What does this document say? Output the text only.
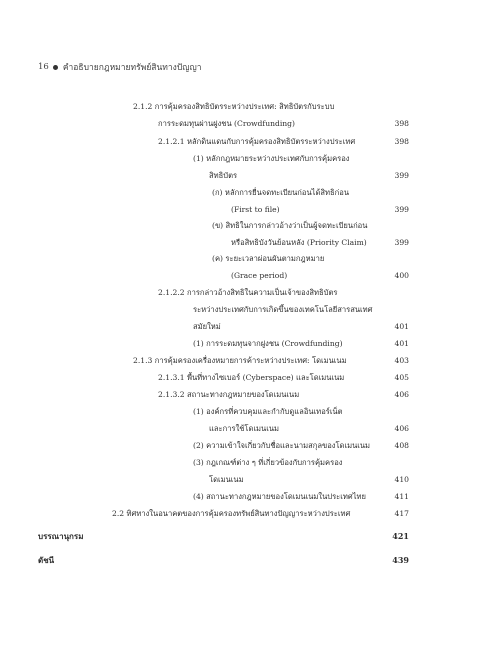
16 คำอธิบายกฎหมายทรัพย์สินทางปัญญา
2.1.2 การคุ้มครองสิทธิบัตรระหว่างประเทศ: สิทธิบัตรกับระบบ
การระดมทุนผ่านฝูงชน (Crowdfunding)	398
2.1.2.1 หลักดินแดนกับการคุ้มครองสิทธิบัตรระหว่างประเทศ	398
(1) หลักกฎหมายระหว่างประเทศกับการคุ้มครอง
สิทธิบัตร	399
(ก) หลักการยื่นจดทะเบียนก่อนได้สิทธิก่อน
(First to file)	399
(ข) สิทธิในการกล่าวอ้างว่าเป็นผู้จดทะเบียนก่อน
หรือสิทธิบังวันย้อนหลัง (Priority Claim)	399
(ค) ระยะเวลาผ่อนผันตามกฎหมาย
(Grace period)	400
2.1.2.2 การกล่าวอ้างสิทธิในความเป็นเจ้าของสิทธิบัตร
ระหว่างประเทศกับการเกิดขึ้นของเทคโนโลยีสารสนเทศ
สมัยใหม่	401
(1) การระดมทุนจากฝูงชน (Crowdfunding)	401
2.1.3 การคุ้มครองเครื่องหมายการค้าระหว่างประเทศ: โดเมนเนม	403
2.1.3.1 พื้นที่ทางไซเบอร์ (Cyberspace) และโดเมนเนม	405
2.1.3.2 สถานะทางกฎหมายของโดเมนเนม	406
(1) องค์กรที่ควบคุมและกำกับดูแลอินเทอร์เน็ต
และการใช้โดเมนเนม	406
(2) ความเข้าใจเกี่ยวกับชื่อและนามสกุลของโดเมนเนม	408
(3) กฎเกณฑ์ต่าง ๆ ที่เกี่ยวข้องกับการคุ้มครอง
โดเมนเนม	410
(4) สถานะทางกฎหมายของโดเมนเนมในประเทศไทย	411
2.2 ทิศทางในอนาคตของการคุ้มครองทรัพย์สินทางปัญญาระหว่างประเทศ	417
บรรณานุกรม	421
ดัชนี	439
